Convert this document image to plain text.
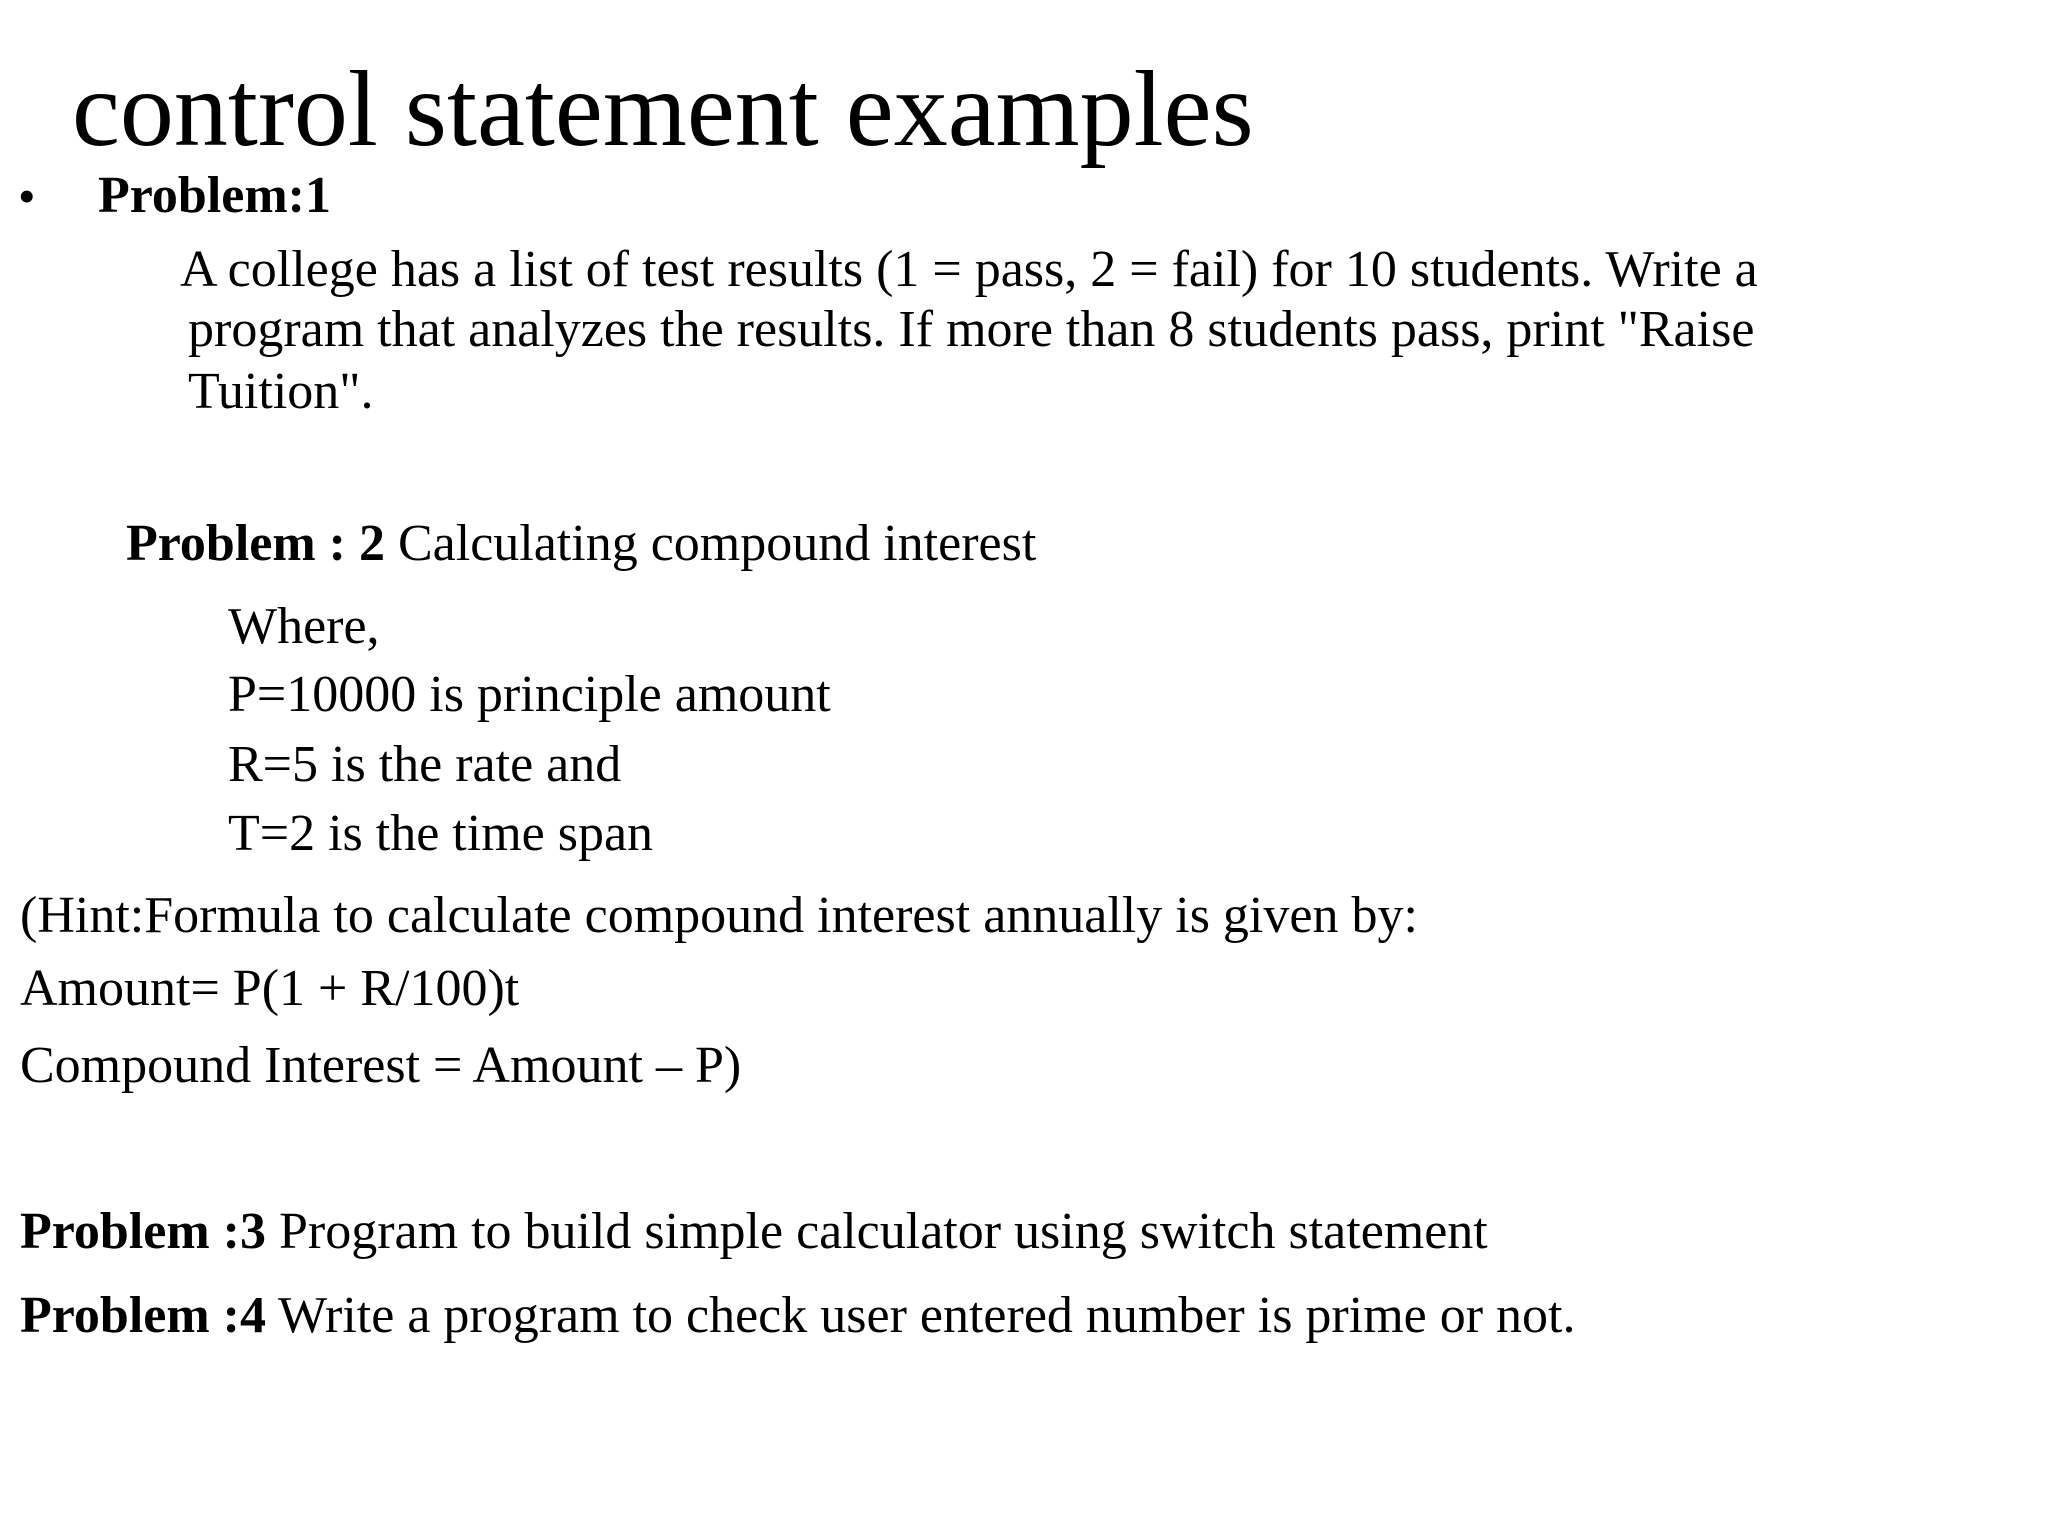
control statement examples
• Problem:1
A college has a list of test results (1 = pass, 2 = fail) for 10 students. Write a
program that analyzes the results. If more than 8 students pass, print "Raise
Tuition".
Problem : 2 Calculating compound interest
Where,
P=10000 is principle amount
R=5 is the rate and
T=2 is the time span
(Hint:Formula to calculate compound interest annually is given by:
Amount= P(1 + R/100)t
Compound Interest = Amount – P)
Problem :3 Program to build simple calculator using switch statement
Problem :4 Write a program to check user entered number is prime or not.
